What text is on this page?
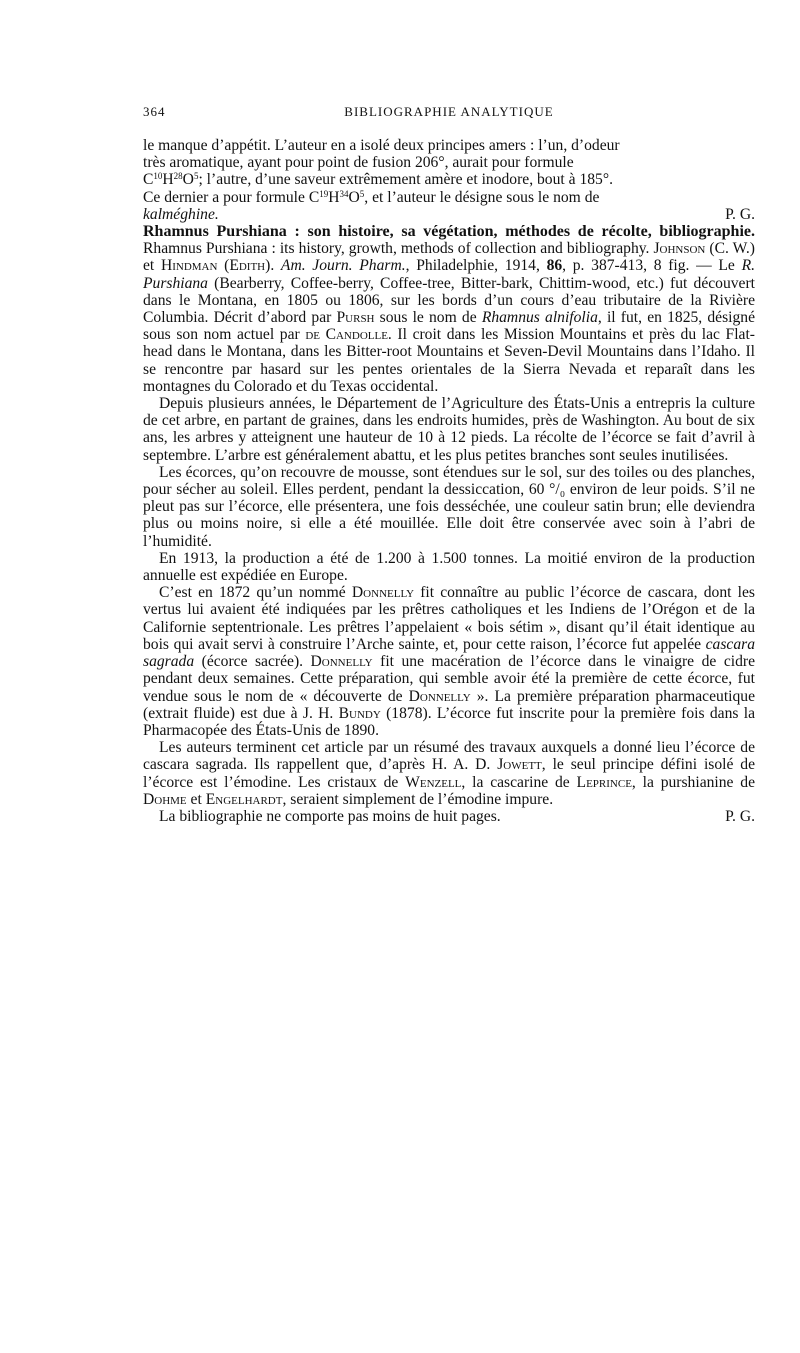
364	BIBLIOGRAPHIE ANALYTIQUE

le manque d’appétit. L’auteur en a isolé deux principes amers : l’un, d’odeur

très aromatique, ayant pour point de fusion 206°, aurait pour formule

$C^{10}H^{28}O^5$; l’autre, d’une saveur extrêmement amère et inodore, bout à 185°.

Ce dernier a pour formule $C^{19}H^{34}O^5$, et l’auteur le désigne sous le nom de

kalméghine.	P. G.

Rhamnus Purshiana : son histoire, sa végétation, méthodes de récolte, bibliographie. Rhamnus Purshiana : its history, growth, methods of collection and bibliography. Johnson (C. W.) et Hindman (Edith). Am. Journ. Pharm., Philadelphie, 1914, 86, p. 387-413, 8 fig. — Le R. Purshiana (Bearberry, Coffee-berry, Coffee-tree, Bitter-bark, Chittim-wood, etc.) fut découvert dans le Montana, en 1805 ou 1806, sur les bords d’un cours d’eau tributaire de la Rivière Columbia. Décrit d’abord par Pursh sous le nom de Rhamnus alnifolia, il fut, en 1825, désigné sous son nom actuel par de Candolle. Il croit dans les Mission Mountains et près du lac Flat-head dans le Montana, dans les Bitter-root Mountains et Seven-Devil Mountains dans l’Idaho. Il se rencontre par hasard sur les pentes orientales de la Sierra Nevada et reparaît dans les montagnes du Colorado et du Texas occidental.

Depuis plusieurs années, le Département de l’Agriculture des États-Unis a entrepris la culture de cet arbre, en partant de graines, dans les endroits humides, près de Washington. Au bout de six ans, les arbres y atteignent une hauteur de 10 à 12 pieds. La récolte de l’écorce se fait d’avril à septembre. L’arbre est généralement abattu, et les plus petites branches sont seules inutilisées.

Les écorces, qu’on recouvre de mousse, sont étendues sur le sol, sur des toiles ou des planches, pour sécher au soleil. Elles perdent, pendant la dessiccation, 60 °/₀ environ de leur poids. S’il ne pleut pas sur l’écorce, elle présentera, une fois desséchée, une couleur satin brun; elle deviendra plus ou moins noire, si elle a été mouillée. Elle doit être conservée avec soin à l’abri de l’humidité.

En 1913, la production a été de 1.200 à 1.500 tonnes. La moitié environ de la production annuelle est expédiée en Europe.

C’est en 1872 qu’un nommé Donnelly fit connaître au public l’écorce de cascara, dont les vertus lui avaient été indiquées par les prêtres catholiques et les Indiens de l’Orégon et de la Californie septentrionale. Les prêtres l’appelaient « bois sétim », disant qu’il était identique au bois qui avait servi à construire l’Arche sainte, et, pour cette raison, l’écorce fut appelée cascara sagrada (écorce sacrée). Donnelly fit une macération de l’écorce dans le vinaigre de cidre pendant deux semaines. Cette préparation, qui semble avoir été la première de cette écorce, fut vendue sous le nom de « découverte de Donnelly ». La première préparation pharmaceutique (extrait fluide) est due à J. H. Bundy (1878). L’écorce fut inscrite pour la première fois dans la Pharmacopée des États-Unis de 1890.

Les auteurs terminent cet article par un résumé des travaux auxquels a donné lieu l’écorce de cascara sagrada. Ils rappellent que, d’après H. A. D. Jowett, le seul principe défini isolé de l’écorce est l’émodine. Les cristaux de Wenzell, la cascarine de Leprince, la purshianine de Dohme et Engelhardt, seraient simplement de l’émodine impure.

La bibliographie ne comporte pas moins de huit pages.	P. G.
